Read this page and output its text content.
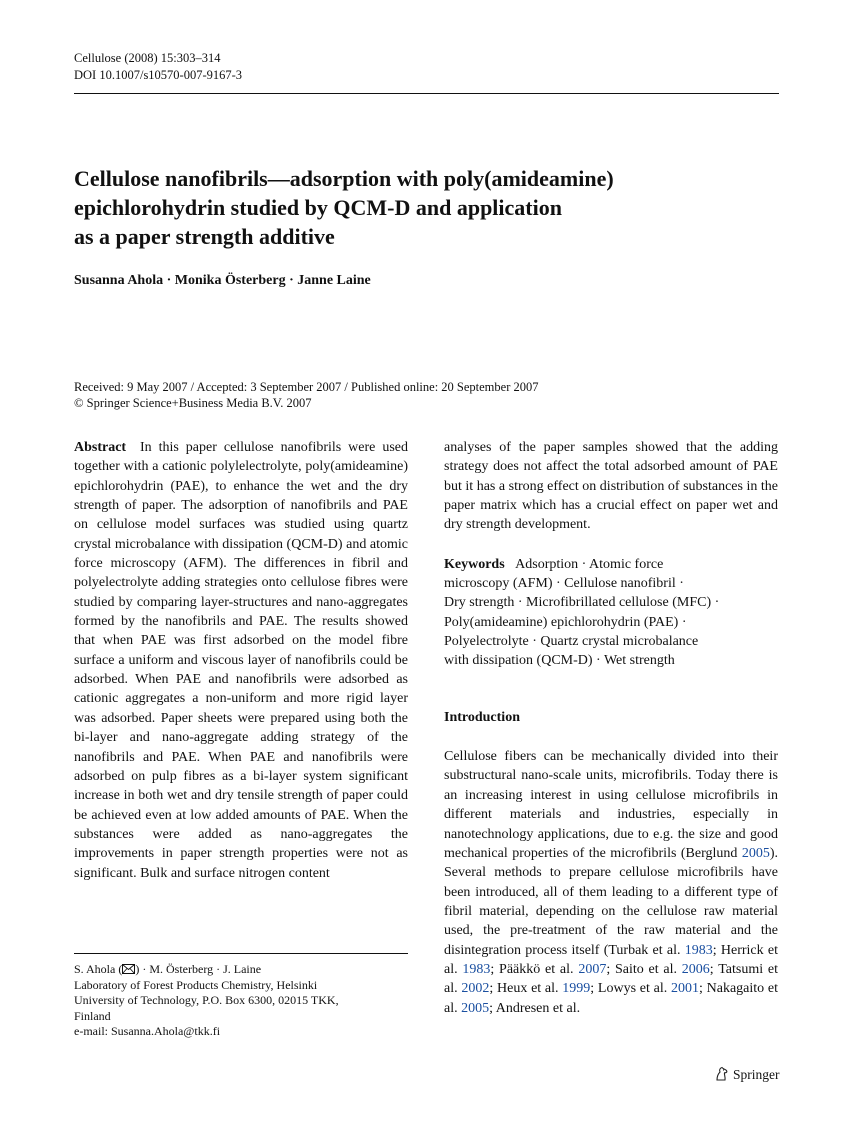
Cellulose (2008) 15:303–314
DOI 10.1007/s10570-007-9167-3
Cellulose nanofibrils—adsorption with poly(amideamine)
epichlorohydrin studied by QCM-D and application
as a paper strength additive
Susanna Ahola · Monika Österberg · Janne Laine
Received: 9 May 2007 / Accepted: 3 September 2007 / Published online: 20 September 2007
© Springer Science+Business Media B.V. 2007

Abstract In this paper cellulose nanofibrils were used together with a cationic polylelectrolyte, poly(amideamine) epichlorohydrin (PAE), to enhance the wet and the dry strength of paper. The adsorption of nanofibrils and PAE on cellulose model surfaces was studied using quartz crystal microbalance with dissipation (QCM-D) and atomic force microscopy (AFM). The differences in fibril and polyelectrolyte adding strategies onto cellulose fibres were studied by comparing layer-structures and nano-aggregates formed by the nanofibrils and PAE. The results showed that when PAE was first adsorbed on the model fibre surface a uniform and viscous layer of nanofibrils could be adsorbed. When PAE and nanofibrils were adsorbed as cationic aggregates a non-uniform and more rigid layer was adsorbed. Paper sheets were prepared using both the bi-layer and nano-aggregate adding strategy of the nanofibrils and PAE. When PAE and nanofibrils were adsorbed on pulp fibres as a bi-layer system significant increase in both wet and dry tensile strength of paper could be achieved even at low added amounts of PAE. When the substances were added as nano-aggregates the improvements in paper strength properties were not as significant. Bulk and surface nitrogen content

analyses of the paper samples showed that the adding strategy does not affect the total adsorbed amount of PAE but it has a strong effect on distribution of substances in the paper matrix which has a crucial effect on paper wet and dry strength development.

Keywords Adsorption · Atomic force
microscopy (AFM) · Cellulose nanofibril ·
Dry strength · Microfibrillated cellulose (MFC) ·
Poly(amideamine) epichlorohydrin (PAE) ·
Polyelectrolyte · Quartz crystal microbalance
with dissipation (QCM-D) · Wet strength

Introduction

Cellulose fibers can be mechanically divided into their substructural nano-scale units, microfibrils. Today there is an increasing interest in using cellulose microfibrils in different materials and industries, especially in nanotechnology applications, due to e.g. the size and good mechanical properties of the microfibrils (Berglund 2005). Several methods to prepare cellulose microfibrils have been introduced, all of them leading to a different type of fibril material, depending on the cellulose raw material used, the pre-treatment of the raw material and the disintegration process itself (Turbak et al. 1983; Herrick et al. 1983; Pääkkö et al. 2007; Saito et al. 2006; Tatsumi et al. 2002; Heux et al. 1999; Lowys et al. 2001; Nakagaito et al. 2005; Andresen et al.

S. Ahola ( ) · M. Österberg · J. Laine
Laboratory of Forest Products Chemistry, Helsinki
University of Technology, P.O. Box 6300, 02015 TKK,
Finland
e-mail: Susanna.Ahola@tkk.fi
Springer
